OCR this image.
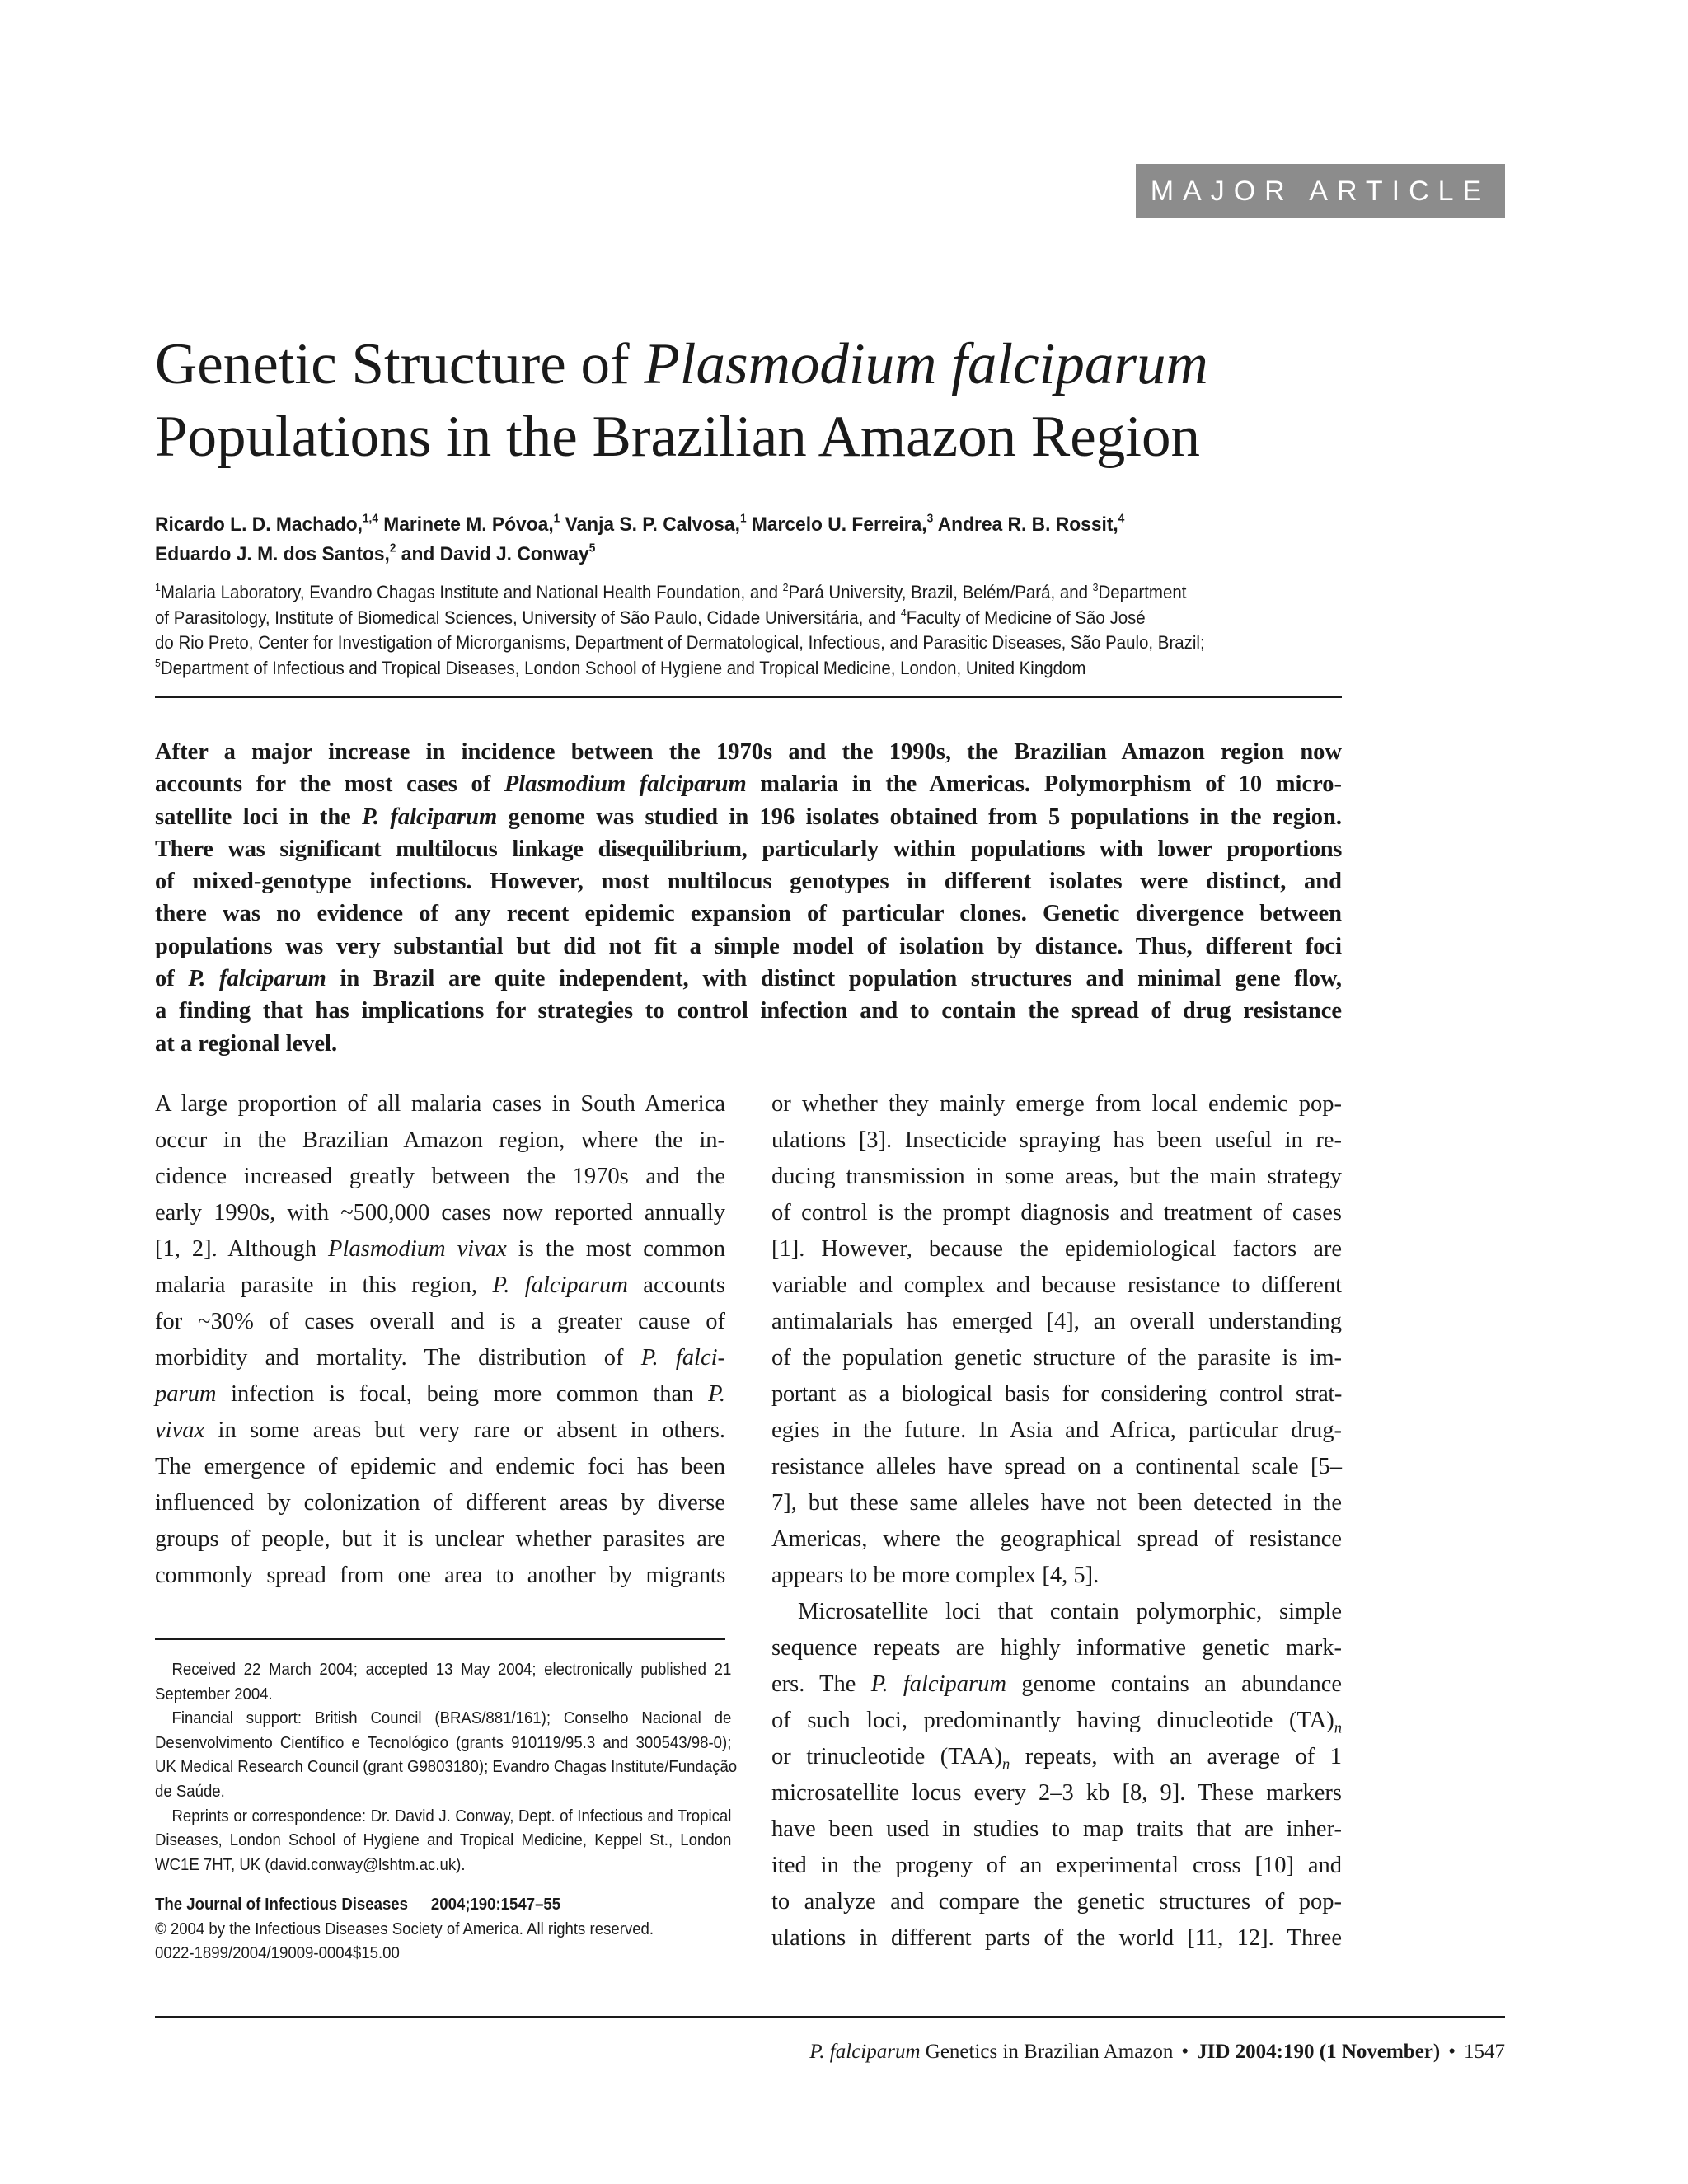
MAJOR ARTICLE
Genetic Structure of Plasmodium falciparum
Populations in the Brazilian Amazon Region
Ricardo L. D. Machado,$^{1,4}$ Marinete M. Póvoa,$^1$ Vanja S. P. Calvosa,$^1$ Marcelo U. Ferreira,$^3$ Andrea R. B. Rossit,$^4$
Eduardo J. M. dos Santos,$^2$ and David J. Conway$^5$
$^1$Malaria Laboratory, Evandro Chagas Institute and National Health Foundation, and $^2$Pará University, Brazil, Belém/Pará, and $^3$Department
of Parasitology, Institute of Biomedical Sciences, University of São Paulo, Cidade Universitária, and $^4$Faculty of Medicine of São José
do Rio Preto, Center for Investigation of Microrganisms, Department of Dermatological, Infectious, and Parasitic Diseases, São Paulo, Brazil;
$^5$Department of Infectious and Tropical Diseases, London School of Hygiene and Tropical Medicine, London, United Kingdom
After a major increase in incidence between the 1970s and the 1990s, the Brazilian Amazon region now
accounts for the most cases of Plasmodium falciparum malaria in the Americas. Polymorphism of 10 micro-
satellite loci in the P. falciparum genome was studied in 196 isolates obtained from 5 populations in the region.
There was significant multilocus linkage disequilibrium, particularly within populations with lower proportions
of mixed-genotype infections. However, most multilocus genotypes in different isolates were distinct, and
there was no evidence of any recent epidemic expansion of particular clones. Genetic divergence between
populations was very substantial but did not fit a simple model of isolation by distance. Thus, different foci
of P. falciparum in Brazil are quite independent, with distinct population structures and minimal gene flow,
a finding that has implications for strategies to control infection and to contain the spread of drug resistance
at a regional level.
A large proportion of all malaria cases in South America
occur in the Brazilian Amazon region, where the in-
cidence increased greatly between the 1970s and the
early 1990s, with ~500,000 cases now reported annually
[1, 2]. Although Plasmodium vivax is the most common
malaria parasite in this region, P. falciparum accounts
for ~30% of cases overall and is a greater cause of
morbidity and mortality. The distribution of P. falci-
parum infection is focal, being more common than P.
vivax in some areas but very rare or absent in others.
The emergence of epidemic and endemic foci has been
influenced by colonization of different areas by diverse
groups of people, but it is unclear whether parasites are
commonly spread from one area to another by migrants
or whether they mainly emerge from local endemic pop-
ulations [3]. Insecticide spraying has been useful in re-
ducing transmission in some areas, but the main strategy
of control is the prompt diagnosis and treatment of cases
[1]. However, because the epidemiological factors are
variable and complex and because resistance to different
antimalarials has emerged [4], an overall understanding
of the population genetic structure of the parasite is im-
portant as a biological basis for considering control strat-
egies in the future. In Asia and Africa, particular drug-
resistance alleles have spread on a continental scale [5–
7], but these same alleles have not been detected in the
Americas, where the geographical spread of resistance
appears to be more complex [4, 5].
Microsatellite loci that contain polymorphic, simple
sequence repeats are highly informative genetic mark-
ers. The P. falciparum genome contains an abundance
of such loci, predominantly having dinucleotide $(TA)_n$
or trinucleotide $(TAA)_n$ repeats, with an average of 1
microsatellite locus every 2–3 kb [8, 9]. These markers
have been used in studies to map traits that are inher-
ited in the progeny of an experimental cross [10] and
to analyze and compare the genetic structures of pop-
ulations in different parts of the world [11, 12]. Three
Received 22 March 2004; accepted 13 May 2004; electronically published 21
September 2004.
Financial support: British Council (BRAS/881/161); Conselho Nacional de
Desenvolvimento Científico e Tecnológico (grants 910119/95.3 and 300543/98-0);
UK Medical Research Council (grant G9803180); Evandro Chagas Institute/Fundação
de Saúde.
Reprints or correspondence: Dr. David J. Conway, Dept. of Infectious and Tropical
Diseases, London School of Hygiene and Tropical Medicine, Keppel St., London
WC1E 7HT, UK (david.conway@lshtm.ac.uk).
The Journal of Infectious Diseases 2004;190:1547–55
© 2004 by the Infectious Diseases Society of America. All rights reserved.
0022-1899/2004/19009-0004$15.00
P. falciparum Genetics in Brazilian Amazon • JID 2004:190 (1 November) • 1547
